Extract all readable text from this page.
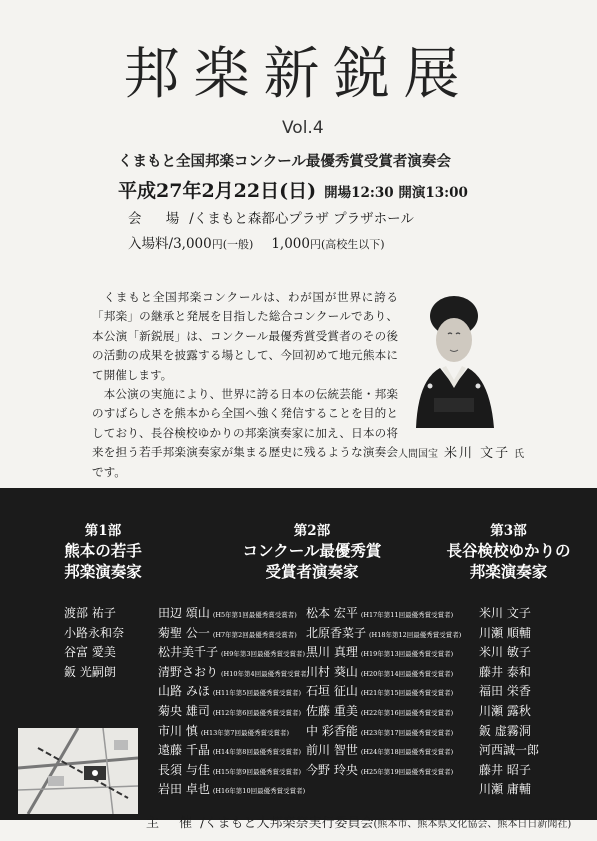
邦楽新鋭展
Vol.4
くまもと全国邦楽コンクール最優秀賞受賞者演奏会
平成27年2月22日(日) 開場12:30 開演13:00
会 場/くまもと森都心プラザ プラザホール
入場料/3,000円(一般) 1,000円(高校生以下)

くまもと全国邦楽コンクールは、わが国が世界に誇る「邦楽」の継承と発展を目指した総合コンクールであり、本公演「新鋭展」は、コンクール最優秀賞受賞者のその後の活動の成果を披露する場として、今回初めて地元熊本にて開催します。

本公演の実施により、世界に誇る日本の伝統芸能・邦楽のすばらしさを熊本から全国へ強く発信することを目的としており、長谷検校ゆかりの邦楽演奏家に加え、日本の将来を担う若手邦楽演奏家が集まる歴史に残るような演奏会です。

人間国宝 米川 文子 氏
第1部
熊本の若手
邦楽演奏家
第2部
コンクール最優秀賞
受賞者演奏家
第3部
長谷検校ゆかりの
邦楽演奏家
渡部 祐子
小路永和奈
谷富 愛美
鈑 光嗣朗
田辺 頌山 (H5年第1回最優秀賞受賞者)
菊聖 公一 (H7年第2回最優秀賞受賞者)
松井美千子 (H9年第3回最優秀賞受賞者)
清野さおり (H10年第4回最優秀賞受賞者)
山路 みほ (H11年第5回最優秀賞受賞者)
菊央 雄司 (H12年第6回最優秀賞受賞者)
市川 慎 (H13年第7回最優秀賞受賞者)
遠藤 千晶 (H14年第8回最優秀賞受賞者)
長須 与佳 (H15年第9回最優秀賞受賞者)
岩田 卓也 (H16年第10回最優秀賞受賞者)
松本 宏平 (H17年第11回最優秀賞受賞者)
北原香菜子 (H18年第12回最優秀賞受賞者)
黒川 真理 (H19年第13回最優秀賞受賞者)
川村 葵山 (H20年第14回最優秀賞受賞者)
石垣 征山 (H21年第15回最優秀賞受賞者)
佐藤 重美 (H22年第16回最優秀賞受賞者)
中 彩香能 (H23年第17回最優秀賞受賞者)
前川 智世 (H24年第18回最優秀賞受賞者)
今野 玲央 (H25年第19回最優秀賞受賞者)
米川 文子
川瀬 順輔
米川 敏子
藤井 泰和
福田 栄香
川瀬 露秋
鈑 虚霧洞
河西誠一郎
藤井 昭子
川瀬 庸輔
主 催/くまもと大邦楽祭実行委員会(熊本市、熊本県文化協会、熊本日日新聞社)
